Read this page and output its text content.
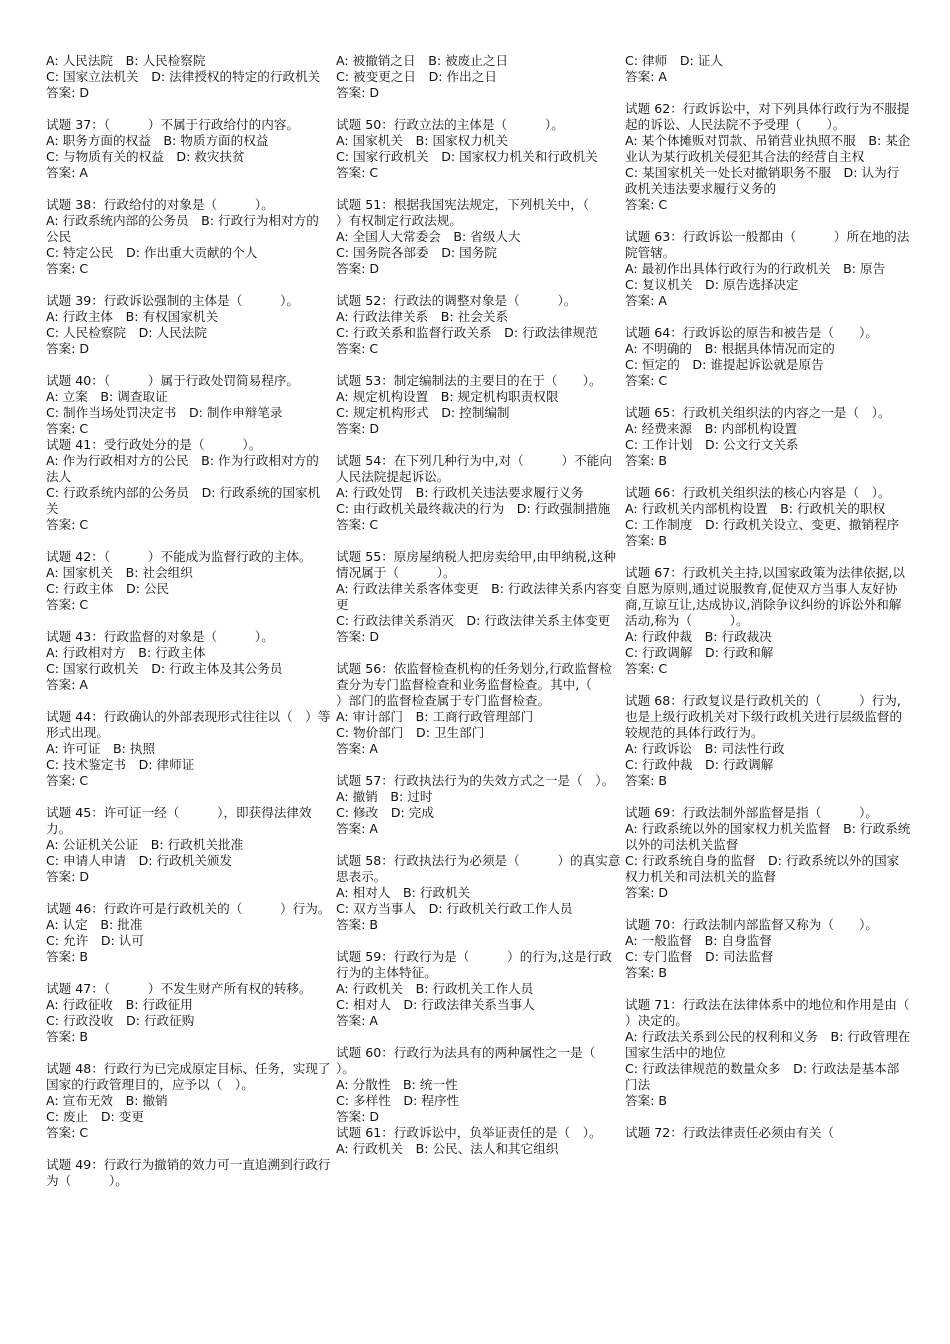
A: 人民法院　B: 人民检察院
C: 国家立法机关　D: 法律授权的特定的行政机关
答案: D
试题 37：（　　　）不属于行政给付的内容。
A: 职务方面的权益　B: 物质方面的权益
C: 与物质有关的权益　D: 救灾扶贫
答案: A
试题 38：行政给付的对象是（　　　）。
A: 行政系统内部的公务员　B: 行政行为相对方的公民
C: 特定公民　D: 作出重大贡献的个人
答案: C
试题 39：行政诉讼强制的主体是（　　　）。
A: 行政主体　B: 有权国家机关
C: 人民检察院　D: 人民法院
答案: D
试题 40：（　　　）属于行政处罚简易程序。
A: 立案　B: 调查取证
C: 制作当场处罚决定书　D: 制作申辩笔录
答案: C
试题 41：受行政处分的是（　　　）。
A: 作为行政相对方的公民　B: 作为行政相对方的法人
C: 行政系统内部的公务员　D: 行政系统的国家机关
答案: C
试题 42：（　　　）不能成为监督行政的主体。
A: 国家机关　B: 社会组织
C: 行政主体　D: 公民
答案: C
试题 43：行政监督的对象是（　　　）。
A: 行政相对方　B: 行政主体
C: 国家行政机关　D: 行政主体及其公务员
答案: A
试题 44：行政确认的外部表现形式往往以（　）等形式出现。
A: 许可证　B: 执照
C: 技术鉴定书　D: 律师证
答案: C
试题 45：许可证一经（　　　），即获得法律效力。
A: 公证机关公证　B: 行政机关批准
C: 申请人申请　D: 行政机关颁发
答案: D
试题 46：行政许可是行政机关的（　　　）行为。
A: 认定　B: 批准
C: 允许　D: 认可
答案: B
试题 47：（　　　）不发生财产所有权的转移。
A: 行政征收　B: 行政征用
C: 行政没收　D: 行政征购
答案: B
试题 48：行政行为已完成原定目标、任务，实现了国家的行政管理目的，应予以（　）。
A: 宣布无效　B: 撤销
C: 废止　D: 变更
答案: C
试题 49：行政行为撤销的效力可一直追溯到行政行为（　　　）。
A: 被撤销之日　B: 被废止之日
C: 被变更之日　D: 作出之日
答案: D
试题 50：行政立法的主体是（　　　）。
A: 国家机关　B: 国家权力机关
C: 国家行政机关　D: 国家权力机关和行政机关
答案: C
试题 51：根据我国宪法规定，下列机关中，（　　　）有权制定行政法规。
A: 全国人大常委会　B: 省级人大
C: 国务院各部委　D: 国务院
答案: D
试题 52：行政法的调整对象是（　　　）。
A: 行政法律关系　B: 社会关系
C: 行政关系和监督行政关系　D: 行政法律规范
答案: C
试题 53：制定编制法的主要目的在于（　　）。
A: 规定机构设置　B: 规定机构职责权限
C: 规定机构形式　D: 控制编制
答案: D
试题 54：在下列几种行为中,对（　　　）不能向人民法院提起诉讼。
A: 行政处罚　B: 行政机关违法要求履行义务
C: 由行政机关最终裁决的行为　D: 行政强制措施
答案: C
试题 55：原房屋纳税人把房卖给甲,由甲纳税,这种情况属于（　　　）。
A: 行政法律关系客体变更　B: 行政法律关系内容变更
C: 行政法律关系消灭　D: 行政法律关系主体变更
答案: D
试题 56：依监督检查机构的任务划分,行政监督检查分为专门监督检查和业务监督检查。其中,（　　　）部门的监督检查属于专门监督检查。
A: 审计部门　B: 工商行政管理部门
C: 物价部门　D: 卫生部门
答案: A
试题 57：行政执法行为的失效方式之一是（　）。
A: 撤销　B: 过时
C: 修改　D: 完成
答案: A
试题 58：行政执法行为必须是（　　　）的真实意思表示。
A: 相对人　B: 行政机关
C: 双方当事人　D: 行政机关行政工作人员
答案: B
试题 59：行政行为是（　　　）的行为,这是行政行为的主体特征。
A: 行政机关　B: 行政机关工作人员
C: 相对人　D: 行政法律关系当事人
答案: A
试题 60：行政行为法具有的两种属性之一是（　　　）。
A: 分散性　B: 统一性
C: 多样性　D: 程序性
答案: D
试题 61：行政诉讼中，负举证责任的是（　）。
A: 行政机关　B: 公民、法人和其它组织
C: 律师　D: 证人
答案: A
试题 62：行政诉讼中，对下列具体行政行为不服提起的诉讼、人民法院不予受理（　　）。
A: 某个体摊贩对罚款、吊销营业执照不服　B: 某企业认为某行政机关侵犯其合法的经营自主权
C: 某国家机关一处长对撤销职务不服　D: 认为行政机关违法要求履行义务的
答案: C
试题 63：行政诉讼一般都由（　　　）所在地的法院管辖。
A: 最初作出具体行政行为的行政机关　B: 原告
C: 复议机关　D: 原告选择决定
答案: A
试题 64：行政诉讼的原告和被告是（　　）。
A: 不明确的　B: 根据具体情况而定的
C: 恒定的　D: 谁提起诉讼就是原告
答案: C
试题 65：行政机关组织法的内容之一是（　）。
A: 经费来源　B: 内部机构设置
C: 工作计划　D: 公文行文关系
答案: B
试题 66：行政机关组织法的核心内容是（　）。
A: 行政机关内部机构设置　B: 行政机关的职权
C: 工作制度　D: 行政机关设立、变更、撤销程序
答案: B
试题 67：行政机关主持,以国家政策为法律依据,以自愿为原则,通过说服教育,促使双方当事人友好协商,互谅互让,达成协议,消除争议纠纷的诉讼外和解活动,称为（　　　）。
A: 行政仲裁　B: 行政裁决
C: 行政调解　D: 行政和解
答案: C
试题 68：行政复议是行政机关的（　　　）行为,也是上级行政机关对下级行政机关进行层级监督的较规范的具体行政行为。
A: 行政诉讼　B: 司法性行政
C: 行政仲裁　D: 行政调解
答案: B
试题 69：行政法制外部监督是指（　　　）。
A: 行政系统以外的国家权力机关监督　B: 行政系统以外的司法机关监督
C: 行政系统自身的监督　D: 行政系统以外的国家权力机关和司法机关的监督
答案: D
试题 70：行政法制内部监督又称为（　　）。
A: 一般监督　B: 自身监督
C: 专门监督　D: 司法监督
答案: B
试题 71：行政法在法律体系中的地位和作用是由（　　　）决定的。
A: 行政法关系到公民的权利和义务　B: 行政管理在国家生活中的地位
C: 行政法律规范的数量众多　D: 行政法是基本部门法
答案: B
试题 72：行政法律责任必须由有关（
